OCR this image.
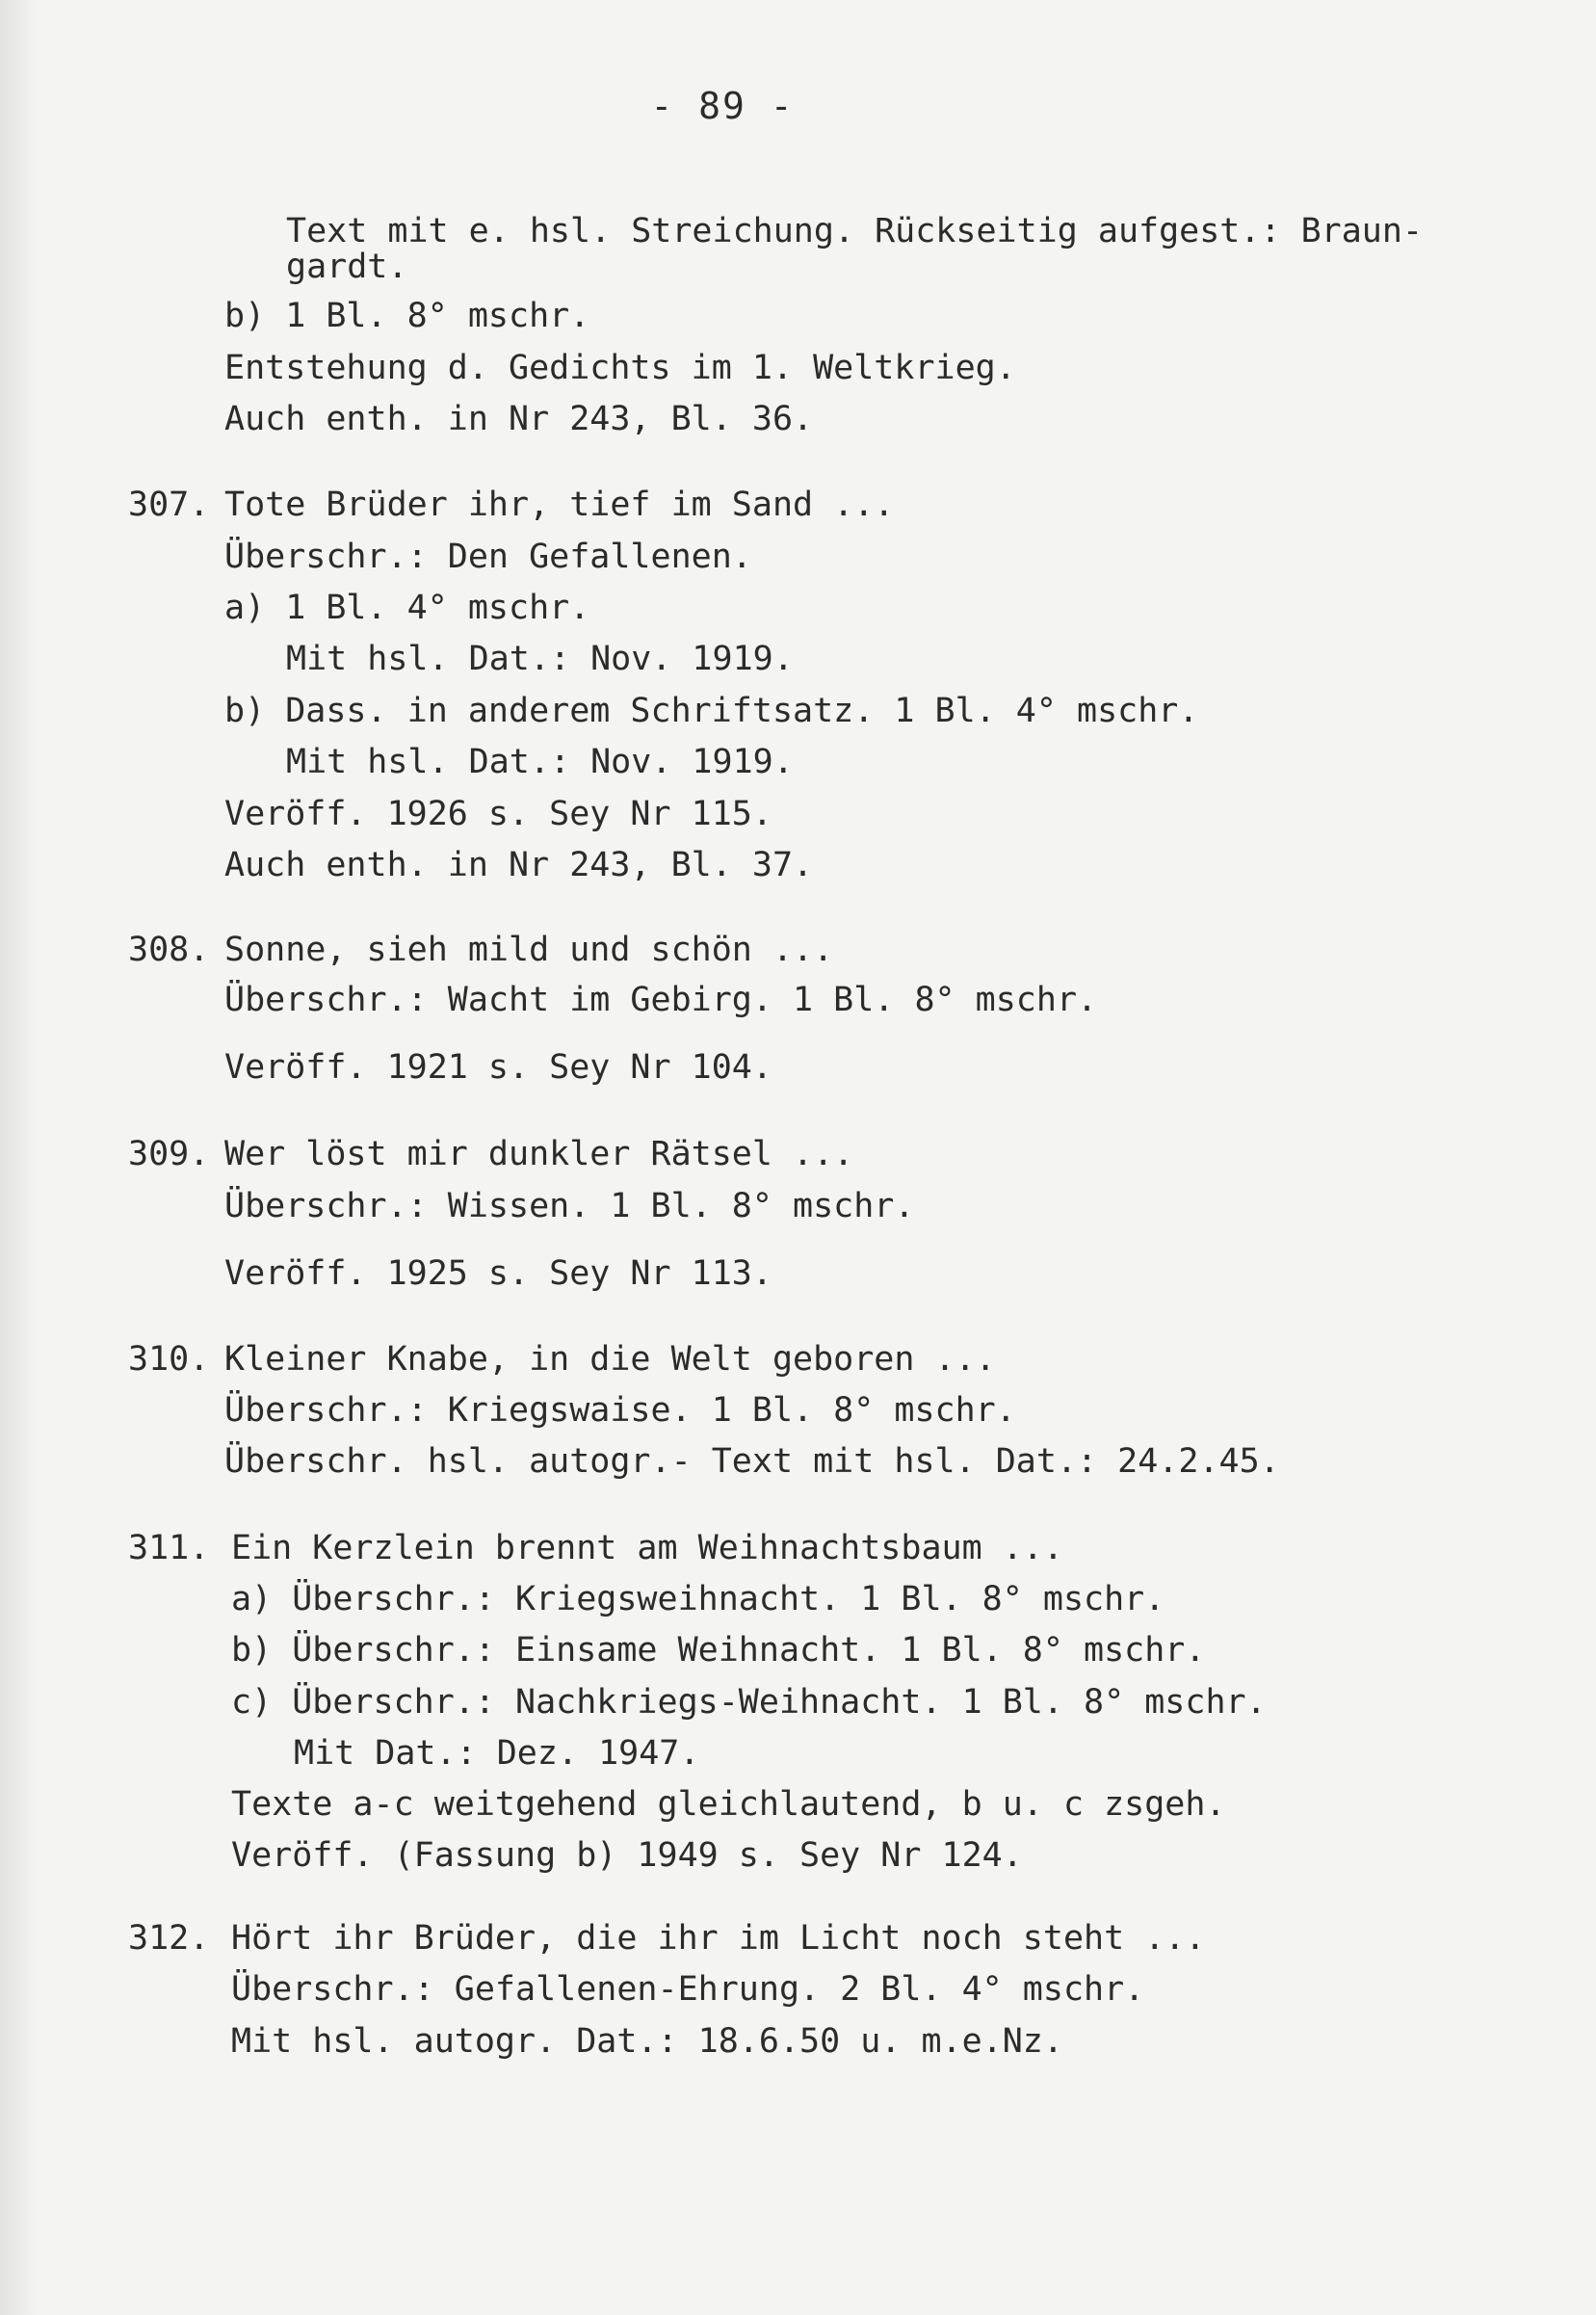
- 89 -
Text mit e. hsl. Streichung. Rückseitig aufgest.: Braun-
gardt.
b) 1 Bl. 8° mschr.
Entstehung d. Gedichts im 1. Weltkrieg.
Auch enth. in Nr 243, Bl. 36.
307. Tote Brüder ihr, tief im Sand ...
Überschr.: Den Gefallenen.
a) 1 Bl. 4° mschr.
Mit hsl. Dat.: Nov. 1919.
b) Dass. in anderem Schriftsatz. 1 Bl. 4° mschr.
Mit hsl. Dat.: Nov. 1919.
Veröff. 1926 s. Sey Nr 115.
Auch enth. in Nr 243, Bl. 37.
308. Sonne, sieh mild und schön ...
Überschr.: Wacht im Gebirg. 1 Bl. 8° mschr.
Veröff. 1921 s. Sey Nr 104.
309. Wer löst mir dunkler Rätsel ...
Überschr.: Wissen. 1 Bl. 8° mschr.
Veröff. 1925 s. Sey Nr 113.
310. Kleiner Knabe, in die Welt geboren ...
Überschr.: Kriegswaise. 1 Bl. 8° mschr.
Überschr. hsl. autogr.- Text mit hsl. Dat.: 24.2.45.
311. Ein Kerzlein brennt am Weihnachtsbaum ...
a) Überschr.: Kriegsweihnacht. 1 Bl. 8° mschr.
b) Überschr.: Einsame Weihnacht. 1 Bl. 8° mschr.
c) Überschr.: Nachkriegs-Weihnacht. 1 Bl. 8° mschr.
Mit Dat.: Dez. 1947.
Texte a-c weitgehend gleichlautend, b u. c zsgeh.
Veröff. (Fassung b) 1949 s. Sey Nr 124.
312. Hört ihr Brüder, die ihr im Licht noch steht ...
Überschr.: Gefallenen-Ehrung. 2 Bl. 4° mschr.
Mit hsl. autogr. Dat.: 18.6.50 u. m.e.Nz.
